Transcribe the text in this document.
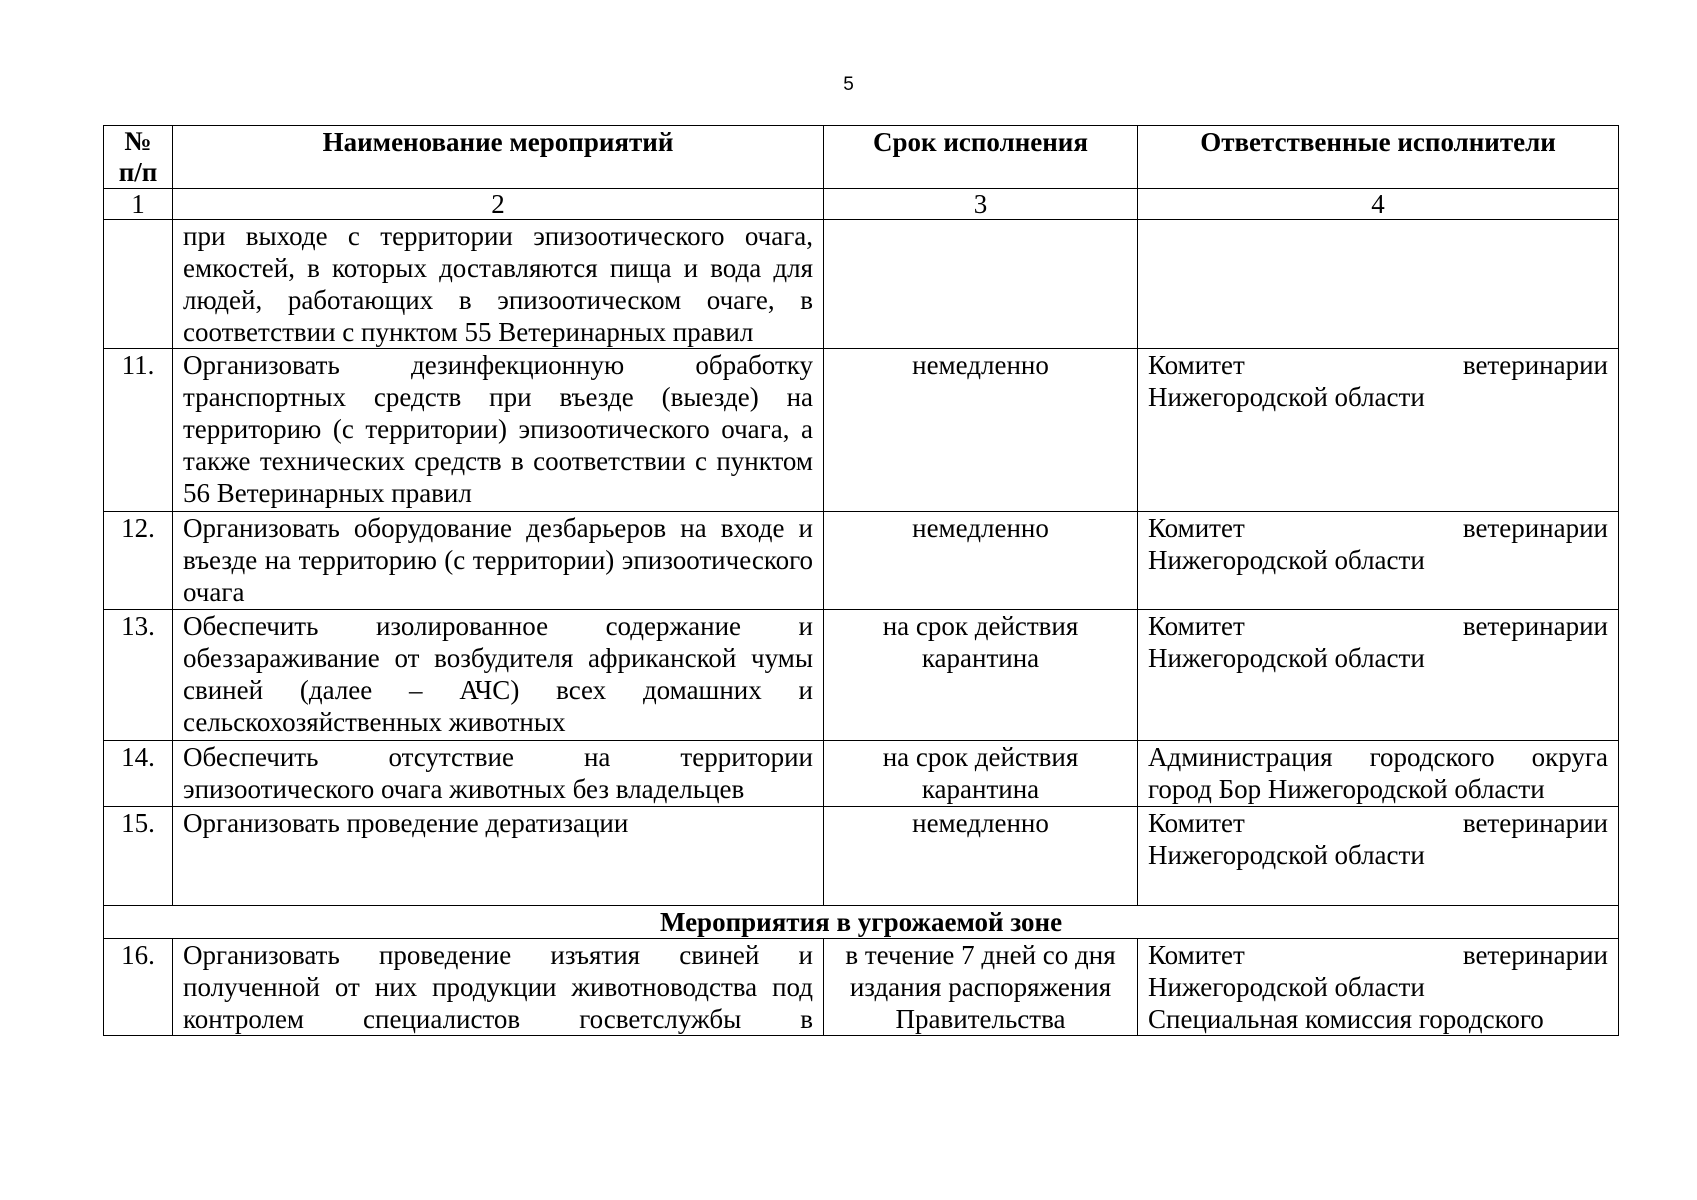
5
№ п/п	Наименование мероприятий	Срок исполнения	Ответственные исполнители
1	2	3	4
	при выходе с территории эпизоотического очага, емкостей, в которых доставляются пища и вода для людей, работающих в эпизоотическом очаге, в соответствии с пунктом 55 Ветеринарных правил		
11.	Организовать дезинфекционную обработку транспортных средств при въезде (выезде) на территорию (с территории) эпизоотического очага, а также технических средств в соответствии с пунктом 56 Ветеринарных правил	немедленно	Комитет ветеринарии
Нижегородской области

12.	Организовать оборудование дезбарьеров на входе и въезде на территорию (с территории) эпизоотического очага	немедленно	Комитет ветеринарии
Нижегородской области

13.	Обеспечить изолированное содержание и обеззараживание от возбудителя африканской чумы свиней (далее – АЧС) всех домашних и сельскохозяйственных животных	на срок действия карантина	Комитет ветеринарии
Нижегородской области

14.	Обеспечить отсутствие на территории эпизоотического очага животных без владельцев	на срок действия карантина	Администрация городского округа город Бор Нижегородской области
15.	Организовать проведение дератизации	немедленно	Комитет ветеринарии
Нижегородской области

Мероприятия в угрожаемой зоне			
16.	Организовать проведение изъятия свиней и полученной от них продукции животноводства под контролем специалистов госветслужбы в	в течение 7 дней со дня издания распоряжения Правительства	Комитет ветеринарии
Нижегородской области
Специальная комиссия городского
